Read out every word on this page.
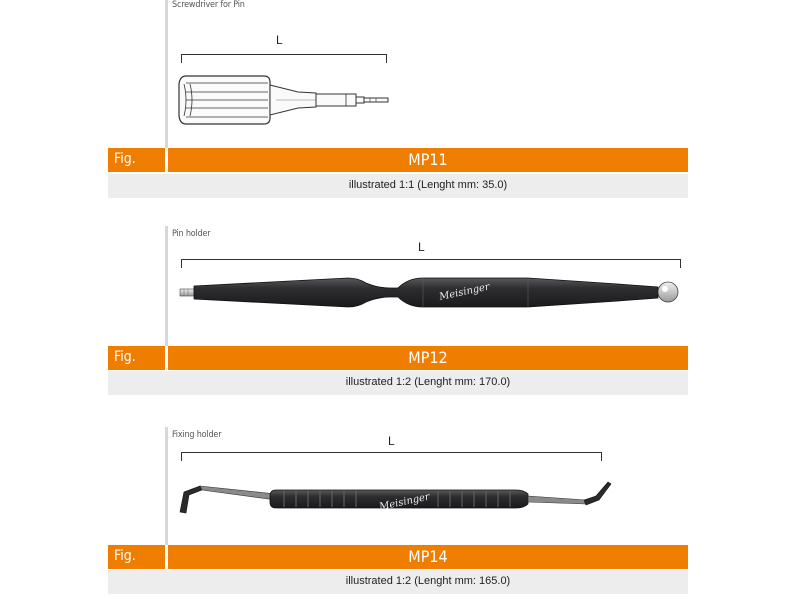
Screwdriver for Pin
L
Fig.	MP11
illustrated 1:1 (Lenght mm: 35.0)
Pin holder
L
Meisinger
Fig.	MP12
illustrated 1:2 (Lenght mm: 170.0)
Fixing holder	L
Meisinger
Fig.	MP14
illustrated 1:2 (Lenght mm: 165.0)
